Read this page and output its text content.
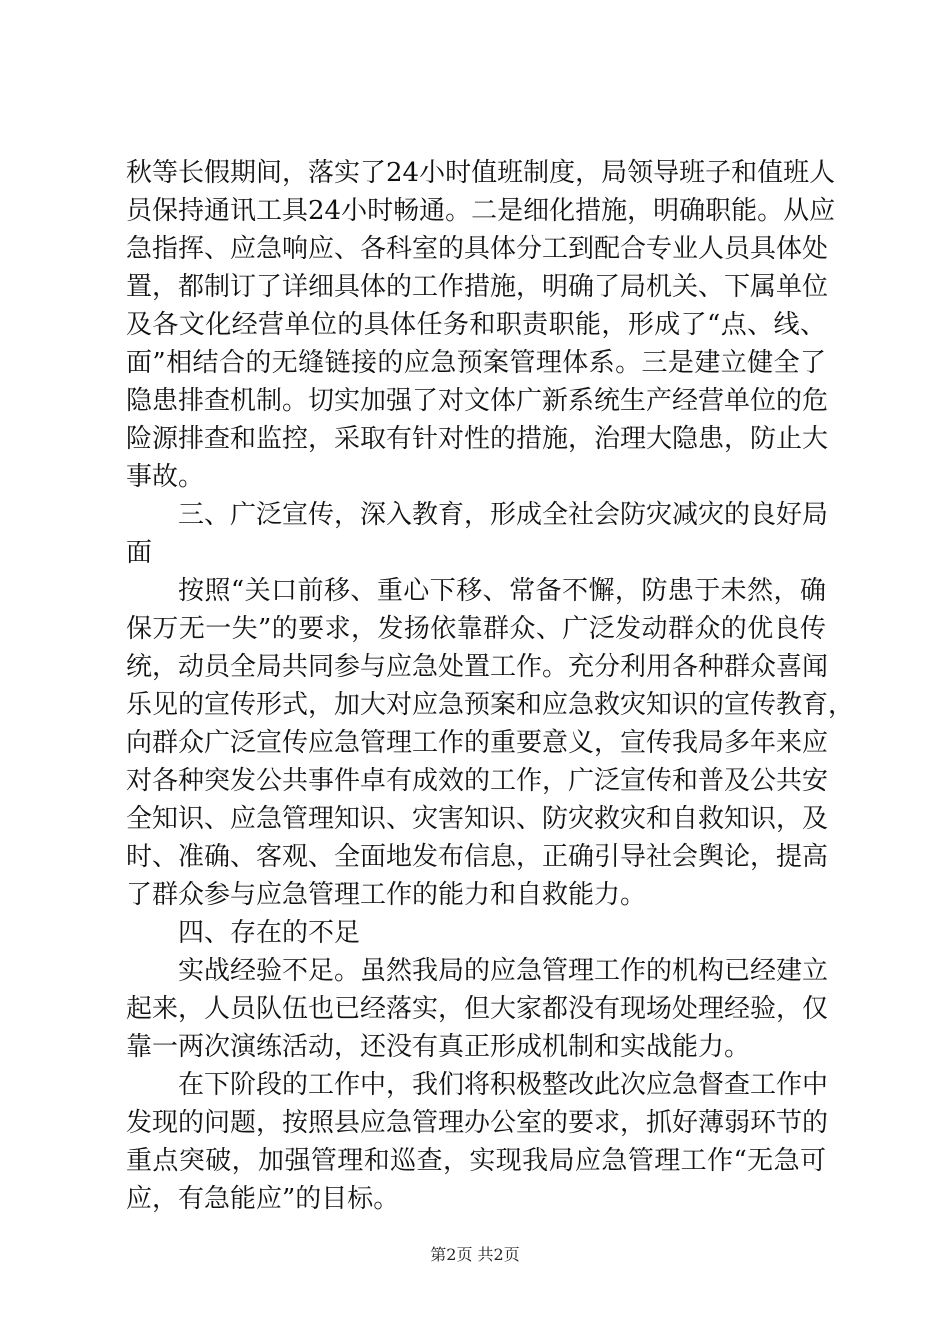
秋等长假期间，落实了24小时值班制度，局领导班子和值班人
员保持通讯工具24小时畅通。二是细化措施，明确职能。从应
急指挥、应急响应、各科室的具体分工到配合专业人员具体处
置，都制订了详细具体的工作措施，明确了局机关、下属单位
及各文化经营单位的具体任务和职责职能，形成了“点、线、
面”相结合的无缝链接的应急预案管理体系。三是建立健全了
隐患排查机制。切实加强了对文体广新系统生产经营单位的危
险源排查和监控，采取有针对性的措施，治理大隐患，防止大
事故。
三、广泛宣传，深入教育，形成全社会防灾减灾的良好局
面
按照“关口前移、重心下移、常备不懈，防患于未然，确
保万无一失”的要求，发扬依靠群众、广泛发动群众的优良传
统，动员全局共同参与应急处置工作。充分利用各种群众喜闻
乐见的宣传形式，加大对应急预案和应急救灾知识的宣传教育，
向群众广泛宣传应急管理工作的重要意义，宣传我局多年来应
对各种突发公共事件卓有成效的工作，广泛宣传和普及公共安
全知识、应急管理知识、灾害知识、防灾救灾和自救知识，及
时、准确、客观、全面地发布信息，正确引导社会舆论，提高
了群众参与应急管理工作的能力和自救能力。
四、存在的不足
实战经验不足。虽然我局的应急管理工作的机构已经建立
起来，人员队伍也已经落实，但大家都没有现场处理经验，仅
靠一两次演练活动，还没有真正形成机制和实战能力。
在下阶段的工作中，我们将积极整改此次应急督查工作中
发现的问题，按照县应急管理办公室的要求，抓好薄弱环节的
重点突破，加强管理和巡查，实现我局应急管理工作“无急可
应，有急能应”的目标。
第2页 共2页
